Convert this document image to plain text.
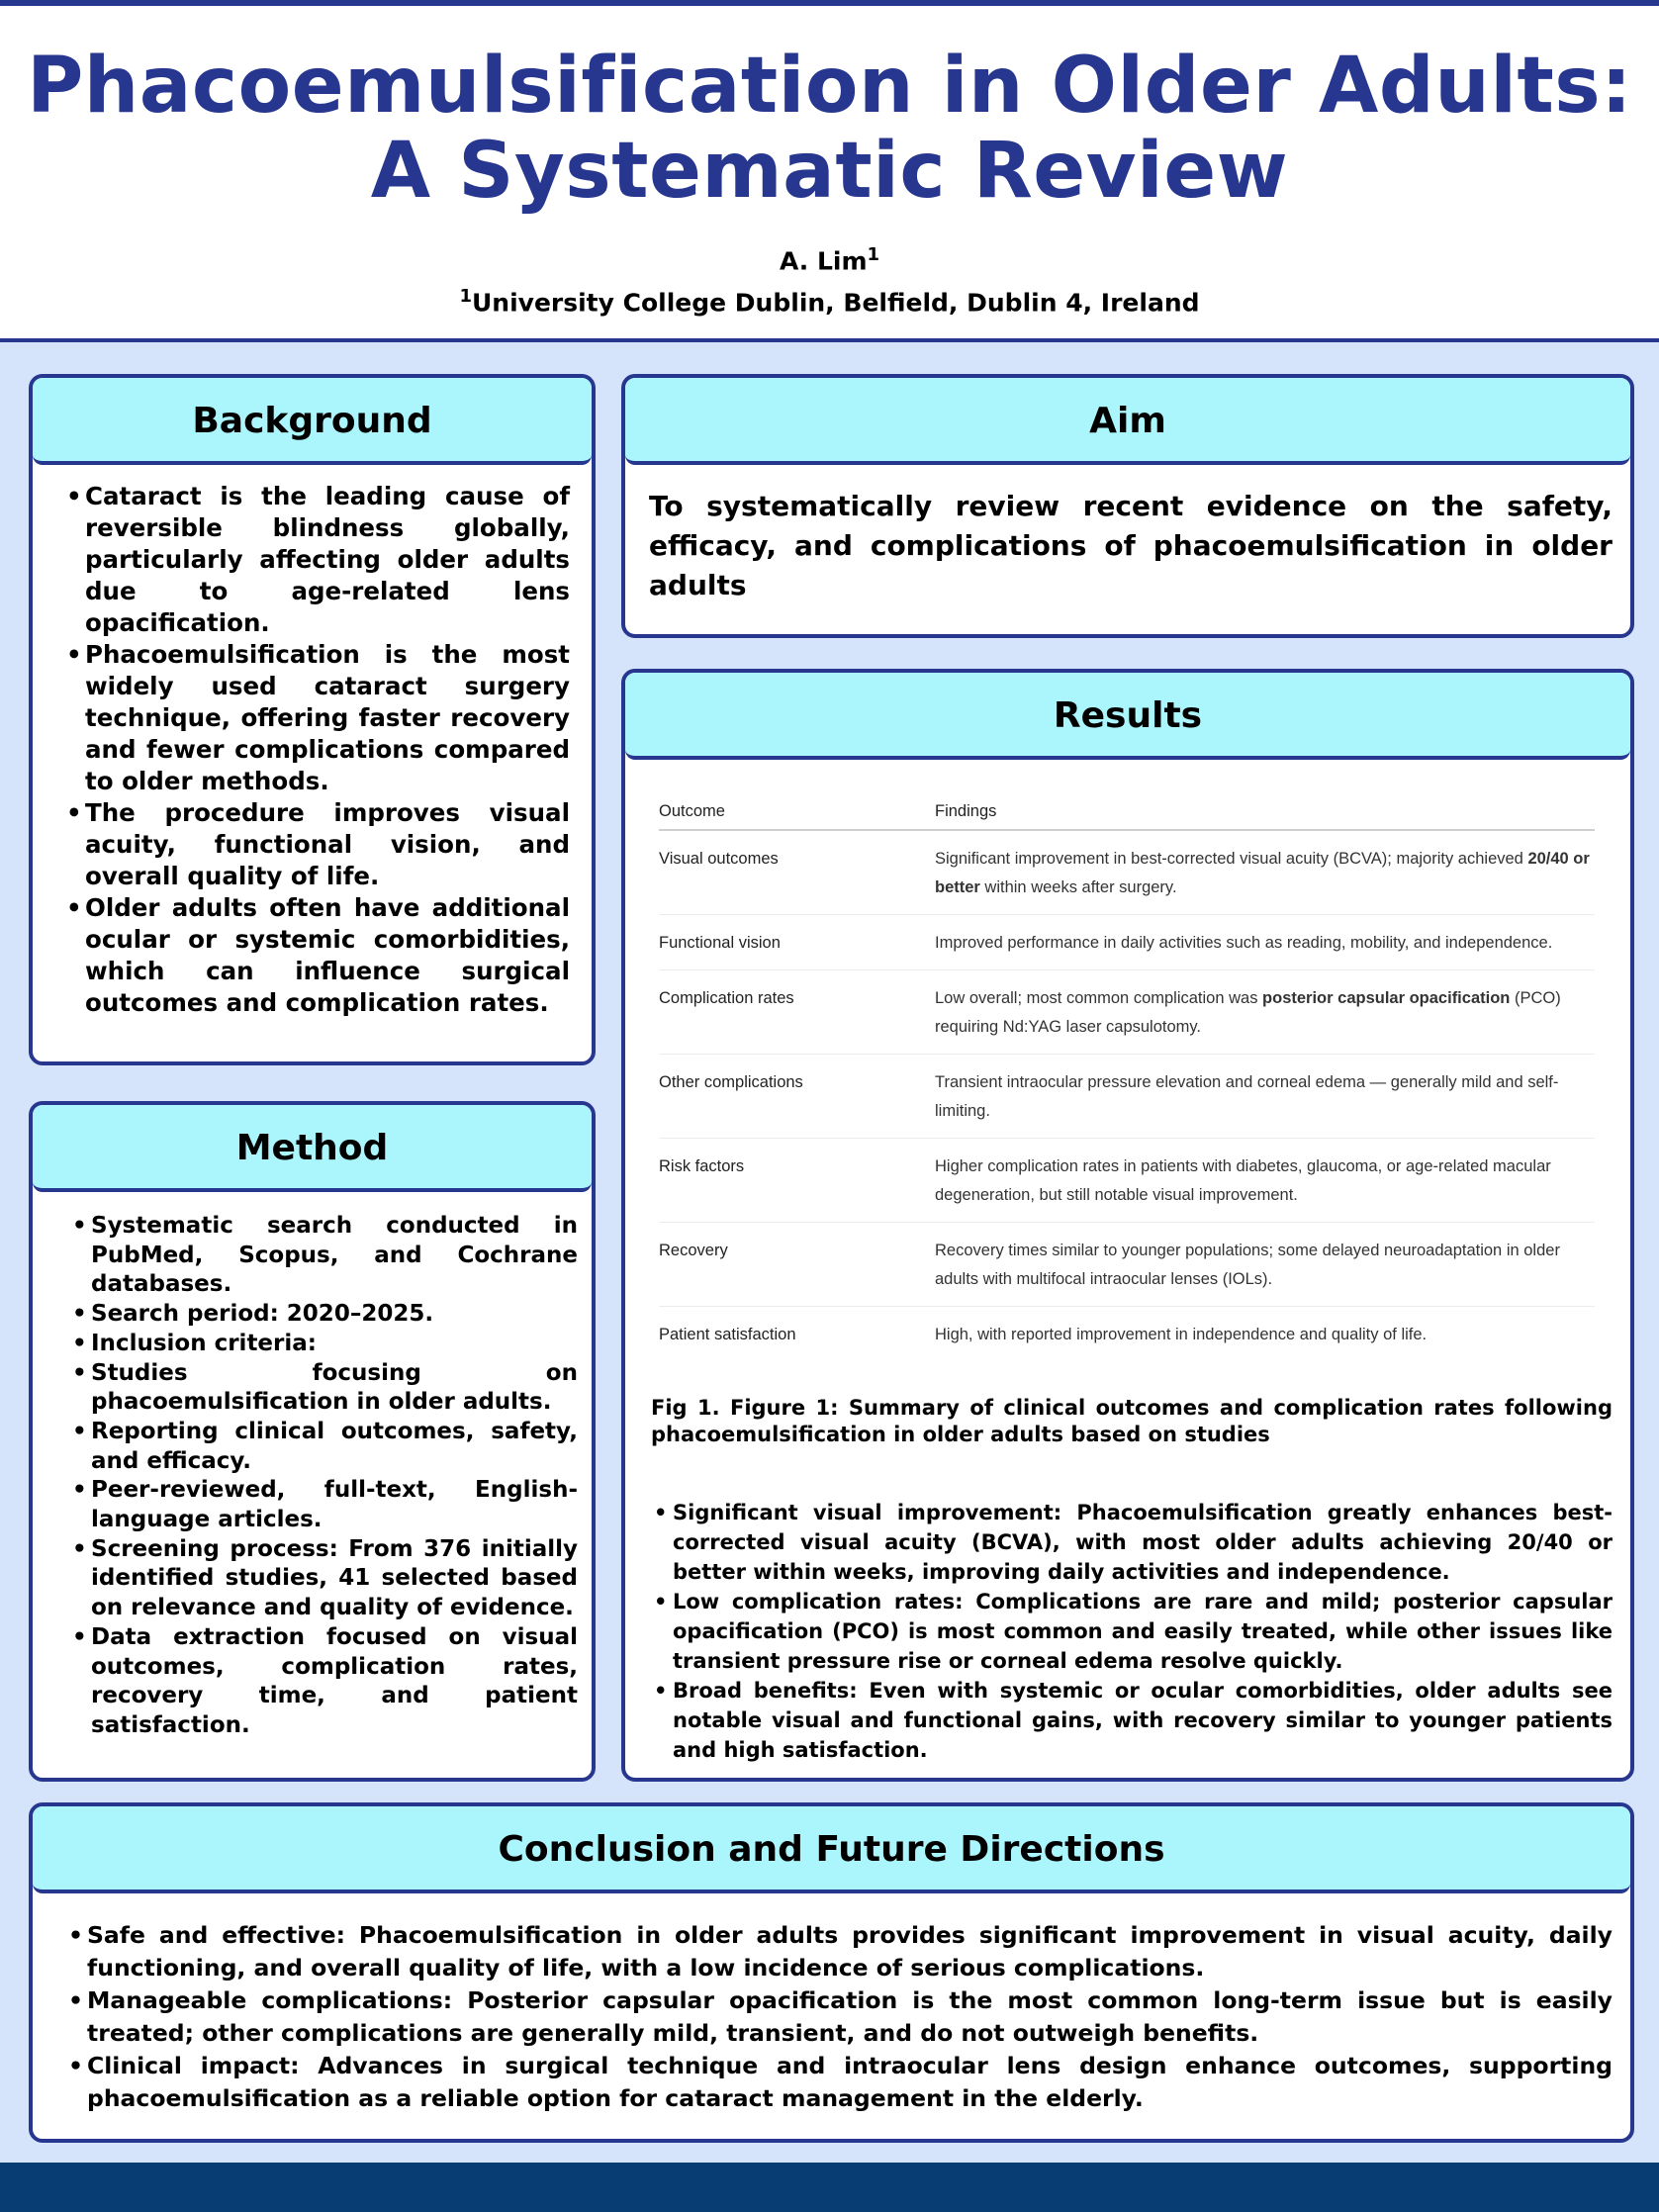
Phacoemulsification in Older Adults:
A Systematic Review
A. Lim$^1$
$^1$University College Dublin, Belfield, Dublin 4, Ireland
Background
• Cataract is the leading cause of reversible blindness globally, particularly affecting older adults due to age-related lens opacification.
• Phacoemulsification is the most widely used cataract surgery technique, offering faster recovery and fewer complications compared to older methods.
• The procedure improves visual acuity, functional vision, and overall quality of life.
• Older adults often have additional ocular or systemic comorbidities, which can influence surgical outcomes and complication rates.
Method
• Systematic search conducted in PubMed, Scopus, and Cochrane databases.
• Search period: 2020–2025.
• Inclusion criteria:
• Studies focusing on phacoemulsification in older adults.
• Reporting clinical outcomes, safety, and efficacy.
• Peer-reviewed, full-text, English-language articles.
• Screening process: From 376 initially identified studies, 41 selected based on relevance and quality of evidence.
• Data extraction focused on visual outcomes, complication rates, recovery time, and patient satisfaction.
Aim

To systematically review recent evidence on the safety, efficacy, and complications of phacoemulsification in older adults

Results
Outcome	Findings
Visual outcomes	Significant improvement in best-corrected visual acuity (BCVA); majority achieved 20/40 or better within weeks after surgery.
Functional vision	Improved performance in daily activities such as reading, mobility, and independence.
Complication rates	Low overall; most common complication was posterior capsular opacification (PCO) requiring Nd:YAG laser capsulotomy.
Other complications	Transient intraocular pressure elevation and corneal edema — generally mild and self-limiting.
Risk factors	Higher complication rates in patients with diabetes, glaucoma, or age-related macular degeneration, but still notable visual improvement.
Recovery	Recovery times similar to younger populations; some delayed neuroadaptation in older adults with multifocal intraocular lenses (IOLs).
Patient satisfaction	High, with reported improvement in independence and quality of life.
Fig 1. Figure 1: Summary of clinical outcomes and complication rates following phacoemulsification in older adults based on studies
• Significant visual improvement: Phacoemulsification greatly enhances best-corrected visual acuity (BCVA), with most older adults achieving 20/40 or better within weeks, improving daily activities and independence.
• Low complication rates: Complications are rare and mild; posterior capsular opacification (PCO) is most common and easily treated, while other issues like transient pressure rise or corneal edema resolve quickly.
• Broad benefits: Even with systemic or ocular comorbidities, older adults see notable visual and functional gains, with recovery similar to younger patients and high satisfaction.
Conclusion and Future Directions
• Safe and effective: Phacoemulsification in older adults provides significant improvement in visual acuity, daily functioning, and overall quality of life, with a low incidence of serious complications.
• Manageable complications: Posterior capsular opacification is the most common long-term issue but is easily treated; other complications are generally mild, transient, and do not outweigh benefits.
• Clinical impact: Advances in surgical technique and intraocular lens design enhance outcomes, supporting phacoemulsification as a reliable option for cataract management in the elderly.
